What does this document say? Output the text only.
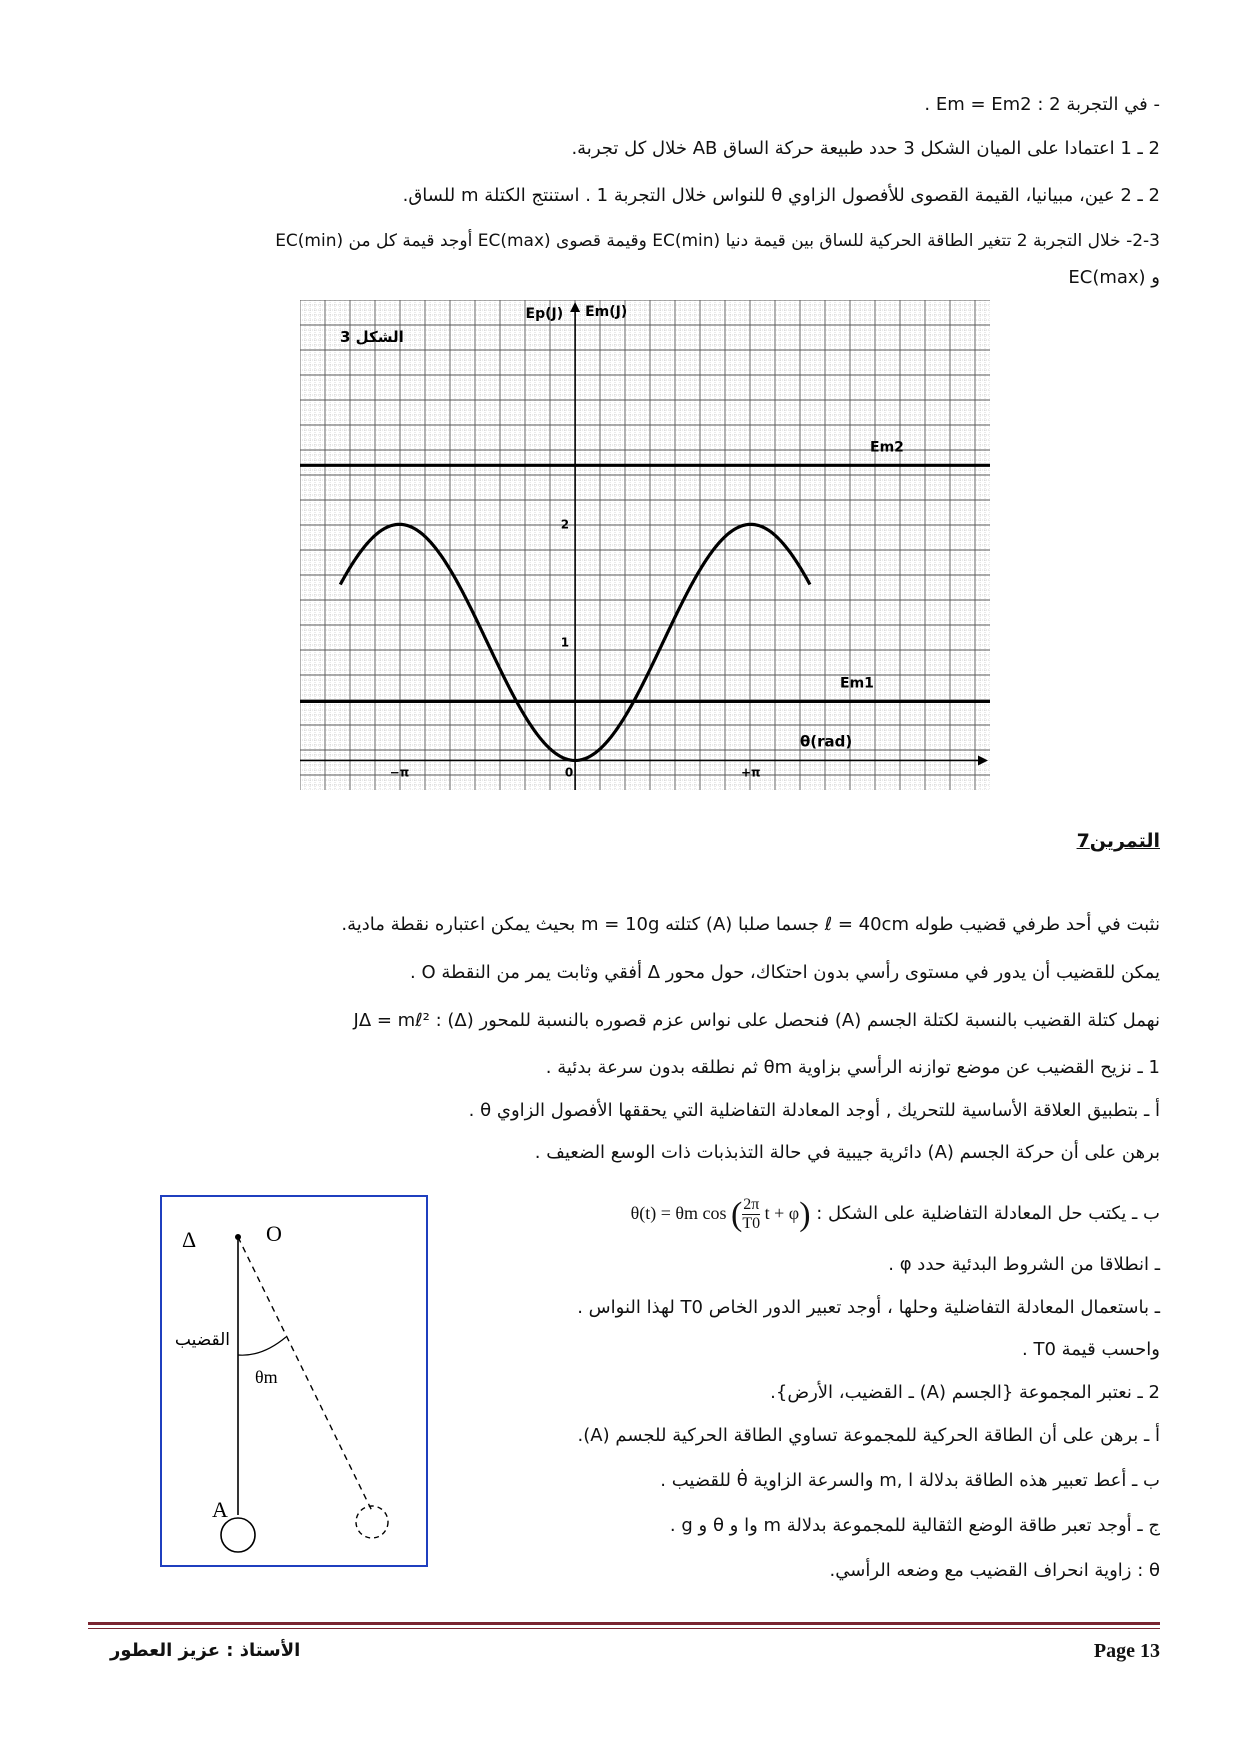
- في التجربة 2 : Em = Em2 .
2 ـ 1 اعتمادا على الميان الشكل 3 حدد طبيعة حركة الساق AB خلال كل تجربة.
2 ـ 2 عين، مبيانيا، القيمة القصوى للأفصول الزاوي θ للنواس خلال التجربة 1 . استنتج الكتلة m للساق.
2-3- خلال التجربة 2 تتغير الطاقة الحركية للساق بين قيمة دنيا EC(min) وقيمة قصوى EC(max) أوجد قيمة كل من EC(min)
و EC(max)
Em1
Em2
−π	0	+π
1
2
Ep(J) Em(J)
θ(rad)
الشكل 3
التمرين7
نثبت في أحد طرفي قضيب طوله ℓ = 40cm جسما صلبا (A) كتلته m = 10g بحيث يمكن اعتباره نقطة مادية.
يمكن للقضيب أن يدور في مستوى رأسي بدون احتكاك، حول محور Δ أفقي وثابت يمر من النقطة O .
نهمل كتلة القضيب بالنسبة لكتلة الجسم (A) فنحصل على نواس عزم قصوره بالنسبة للمحور (Δ) : JΔ = mℓ²
1 ـ نزيح القضيب عن موضع توازنه الرأسي بزاوية θm ثم نطلقه بدون سرعة بدئية .
أ ـ بتطبيق العلاقة الأساسية للتحريك , أوجد المعادلة التفاضلية التي يحققها الأفصول الزاوي θ .
برهن على أن حركة الجسم (A) دائرية جيبية في حالة التذبذبات ذات الوسع الضعيف .
ب ـ يكتب حل المعادلة التفاضلية على الشكل : θ(t) = θm cos ( $\frac{2\pi}{T0}$ t + φ)
ـ انطلاقا من الشروط البدئية حدد φ .
ـ باستعمال المعادلة التفاضلية وحلها ، أوجد تعبير الدور الخاص T0 لهذا النواس .
واحسب قيمة T0 .
2 ـ نعتبر المجموعة {الجسم (A) ـ القضيب، الأرض}.
أ ـ برهن على أن الطاقة الحركية للمجموعة تساوي الطاقة الحركية للجسم (A).
ب ـ أعط تعبير هذه الطاقة بدلالة m, l والسرعة الزاوية θ̇ للقضيب .
ج ـ أوجد تعبر طاقة الوضع الثقالية للمجموعة بدلالة m وا و θ و g .
θ : زاوية انحراف القضيب مع وضعه الرأسي.
Δ	O
القضيب
θm
A
الأستاذ : عزيز العطور	Page 13
